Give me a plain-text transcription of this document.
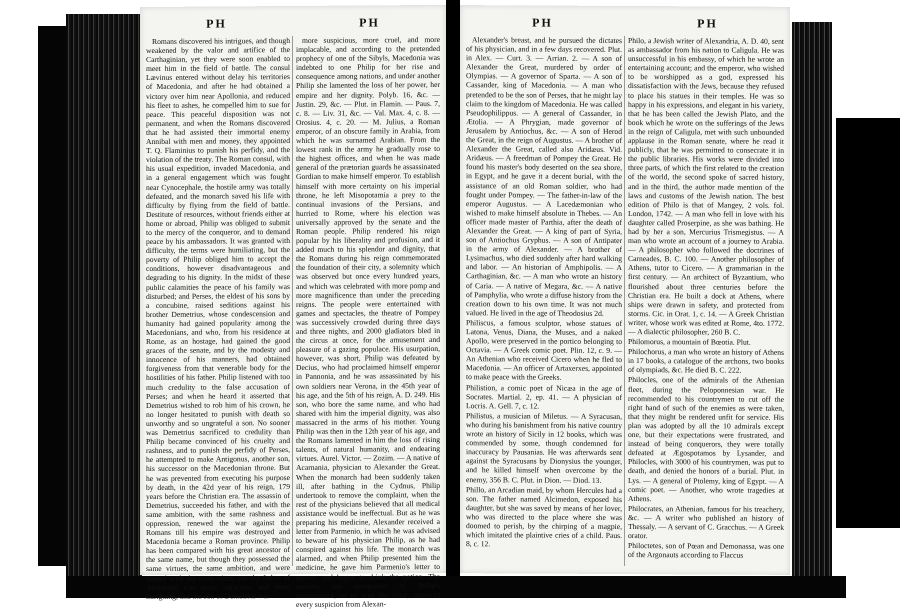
PH	PH

Romans discovered his intrigues, and though weakened by the valor and artifice of the Carthaginian, yet they were soon enabled to meet him in the field of battle. The consul Lævinus entered without delay his territories of Macedonia, and after he had obtained a victory over him near Apollonia, and reduced his fleet to ashes, he compelled him to sue for peace. This peaceful disposition was not permanent, and when the Romans discovered that he had assisted their immortal enemy Annibal with men and money, they appointed T. Q. Flaminius to punish his perfidy, and the violation of the treaty. The Roman consul, with his usual expedition, invaded Macedonia, and in a general engagement which was fought near Cynocephale, the hostile army was totally defeated, and the monarch saved his life with difficulty by flying from the field of battle. Destitute of resources, without friends either at home or abroad, Philip was obliged to submit to the mercy of the conqueror, and to demand peace by his ambassadors. It was granted with difficulty, the terms were humiliating, but the poverty of Philip obliged him to accept the conditions, however disadvantageous and degrading to his dignity. In the midst of these public calamities the peace of his family was disturbed; and Perses, the eldest of his sons by a concubine, raised seditions against his brother Demetrius, whose condescension and humanity had gained popularity among the Macedonians, and who, from his residence at Rome, as an hostage, had gained the good graces of the senate, and by the modesty and innocence of his manners, had obtained forgiveness from that venerable body for the hostilities of his father. Philip listened with too much credulity to the false accusation of Perses; and when he heard it asserted that Demetrius wished to rob him of his crown, he no longer hesitated to punish with death so unworthy and so ungrateful a son. No sooner was Demetrius sacrificed to credulity than Philip became convinced of his cruelty and rashness, and to punish the perfidy of Perses, he attempted to make Antigonus, another son, his successor on the Macedonian throne. But he was prevented from executing his purpose by death, in the 42d year of his reign, 179 years before the Christian era. The assassin of Demetrius, succeeded his father, and with the same ambition, with the same rashness and oppression, renewed the war against the Romans till his empire was destroyed and Macedonia became a Roman province. Philip has been compared with his great ancestor of the same name, but though they possessed the same virtues, the same ambition, and were tainted with the same vices, yet the father of Alexander was more sagacious and more intriguing, and the son of Demetrius was

more suspicious, more cruel, and more implacable, and according to the pretended prophecy of one of the Sibyls, Macedonia was indebted to one Philip for her rise and consequence among nations, and under another Philip she lamented the loss of her power, her empire and her dignity. Polyb. 16, &c. — Justin. 29, &c. — Plut. in Flamin. — Paus. 7, c. 8. — Liv. 31, &c. — Val. Max. 4, c. 8. — Orosius. 4, c. 20. — M. Julius, a Roman emperor, of an obscure family in Arabia, from which he was surnamed Arabian. From the lowest rank in the army he gradually rose to the highest offices, and when he was made general of the prætorian guards he assassinated Gordian to make himself emperor. To establish himself with more certainty on his imperial throne, he left Misopotamia a prey to the continual invasions of the Persians, and hurried to Rome, where his election was universally approved by the senate and the Roman people. Philip rendered his reign popular by his liberality and profusion, and it added much to his splendor and dignity, that the Romans during his reign commemorated the foundation of their city, a solemnity which was observed but once every hundred years, and which was celebrated with more pomp and more magnificence than under the preceding reigns. The people were entertained with games and spectacles, the theatre of Pompey was successively crowded during three days and three nights, and 2000 gladiators bled in the circus at once, for the amusement and pleasure of a gazing populace. His usurpation, however, was short, Philip was defeated by Decius, who had proclaimed himself emperor in Pannonia, and he was assassinated by his own soldiers near Verona, in the 45th year of his age, and the 5th of his reign, A. D. 249. His son, who bore the same name, and who had shared with him the imperial dignity, was also massacred in the arms of his mother. Young Philip was then in the 12th year of his age, and the Romans lamented in him the loss of rising talents, of natural humanity, and endearing virtues. Aurel. Victor. — Zozim. — A native of Acarnania, physician to Alexander the Great. When the monarch had been suddenly taken ill, after bathing in the Cydnus, Philip undertook to remove the complaint, when the rest of the physicians believed that all medical assistance would be ineffectual. But as he was preparing his medicine, Alexander received a letter from Parmenio, in which he was advised to beware of his physician Philip, as he had conspired against his life. The monarch was alarmed, and when Philip presented him the medicine, he gave him Parmenio's letter to peruse, and began to drink the potion. The serenity and composure of Philip's countenance, as he read the letter, removed every suspicion from Alexan-

PH	PH

Alexander's breast, and he pursued the dictates of his physician, and in a few days recovered. Plut. in Alex. — Curt. 3. — Arrian. 2. — A son of Alexander the Great, murdered by order of Olympias. — A governor of Sparta. — A son of Cassander, king of Macedonia. — A man who pretended to be the son of Perses, that he might lay claim to the kingdom of Macedonia. He was called Pseudophilippus. — A general of Cassander, in Ætolia. — A Phrygian, made governor of Jerusalem by Antiochus, &c. — A son of Herod the Great, in the reign of Augustus. — A brother of Alexander the Great, called also Aridæus. Vid. Aridæus. — A freedman of Pompey the Great. He found his master's body deserted on the sea shore, in Egypt, and he gave it a decent burial, with the assistance of an old Roman soldier, who had fought under Pompey. — The father-in-law of the emperor Augustus. — A Lacedæmonian who wished to make himself absolute in Thebes. — An officer made master of Parthia, after the death of Alexander the Great. — A king of part of Syria, son of Antiochus Gryphus. — A son of Antipater in the army of Alexander. — A brother of Lysimachus, who died suddenly after hard walking and labor. — An historian of Amphipolis. — A Carthaginian, &c. — A man who wrote an history of Caria. — A native of Megara, &c. — A native of Pamphylia, who wrote a diffuse history from the creation down to his own time. It was not much valued. He lived in the age of Theodosius 2d.

Philiscus, a famous sculptor, whose statues of Latona, Venus, Diana, the Muses, and a naked Apollo, were preserved in the portico belonging to Octavia. — A Greek comic poet. Plin. 12, c. 9. — An Athenian who received Cicero when he fled to Macedonia. — An officer of Artaxerxes, appointed to make peace with the Greeks.

Philistion, a comic poet of Nicæa in the age of Socrates. Martial. 2, ep. 41. — A physician of Locris. A. Gell. 7, c. 12.

Philistus, a musician of Miletus. — A Syracusan, who during his banishment from his native country wrote an history of Sicily in 12 books, which was commended by some, though condemned for inaccuracy by Pausanias. He was afterwards sent against the Syracusans by Dionysius the younger, and he killed himself when overcome by the enemy, 356 B. C. Plut. in Dion. — Diod. 13.

Phillo, an Arcadian maid, by whom Hercules had a son. The father named Alcimedon, exposed his daughter, but she was saved by means of her lover, who was directed to the place where she was doomed to perish, by the chirping of a magpie, which imitated the plaintive cries of a child. Paus. 8, c. 12.

Philo, a Jewish writer of Alexandria, A. D. 40, sent as ambassador from his nation to Caligula. He was unsuccessful in his embassy, of which he wrote an entertaining account; and the emperor, who wished to be worshipped as a god, expressed his dissatisfaction with the Jews, because they refused to place his statues in their temples. He was so happy in his expressions, and elegant in his variety, that he has been called the Jewish Plato, and the book which he wrote on the sufferings of the Jews in the reign of Caligula, met with such unbounded applause in the Roman senate, where he read it publicly, that he was permitted to consecrate it in the public libraries. His works were divided into three parts, of which the first related to the creation of the world, the second spoke of sacred history, and in the third, the author made mention of the laws and customs of the Jewish nation. The best edition of Philo is that of Mangey, 2 vols. fol. London, 1742. — A man who fell in love with his daughter called Proserpine, as she was bathing. He had by her a son, Mercurius Trismegistus. — A man who wrote an account of a journey to Arabia. — A philosopher who followed the doctrines of Carneades, B. C. 100. — Another philosopher of Athens, tutor to Cicero. — A grammarian in the first century. — An architect of Byzantium, who flourished about three centuries before the Christian era. He built a dock at Athens, where ships were drawn in safety, and protected from storms. Cic. in Orat. 1, c. 14. — A Greek Christian writer, whose work was edited at Rome, 4to. 1772. — A dialectic philosopher, 260 B. C.

Philomorus, a mountain of Bœotia. Plut.

Philochorus, a man who wrote an history of Athens in 17 books, a catalogue of the archons, two books of olympiads, &c. He died B. C. 222.

Philocles, one of the admirals of the Athenian fleet, during the Peloponnesian war. He recommended to his countrymen to cut off the right hand of such of the enemies as were taken, that they might be rendered unfit for service. His plan was adopted by all the 10 admirals except one, but their expectations were frustrated, and instead of being conquerors, they were totally defeated at Ægospotamos by Lysander, and Philocles, with 3000 of his countrymen, was put to death, and denied the honors of a burial. Plut. in Lys. — A general of Ptolemy, king of Egypt. — A comic poet. — Another, who wrote tragedies at Athens.

Philocrates, an Athenian, famous for his treachery, &c. — A writer who published an history of Thessaly. — A servant of C. Gracchus. — A Greek orator.

Philoctetes, son of Pœan and Demonassa, was one of the Argonauts according to Flaccus
